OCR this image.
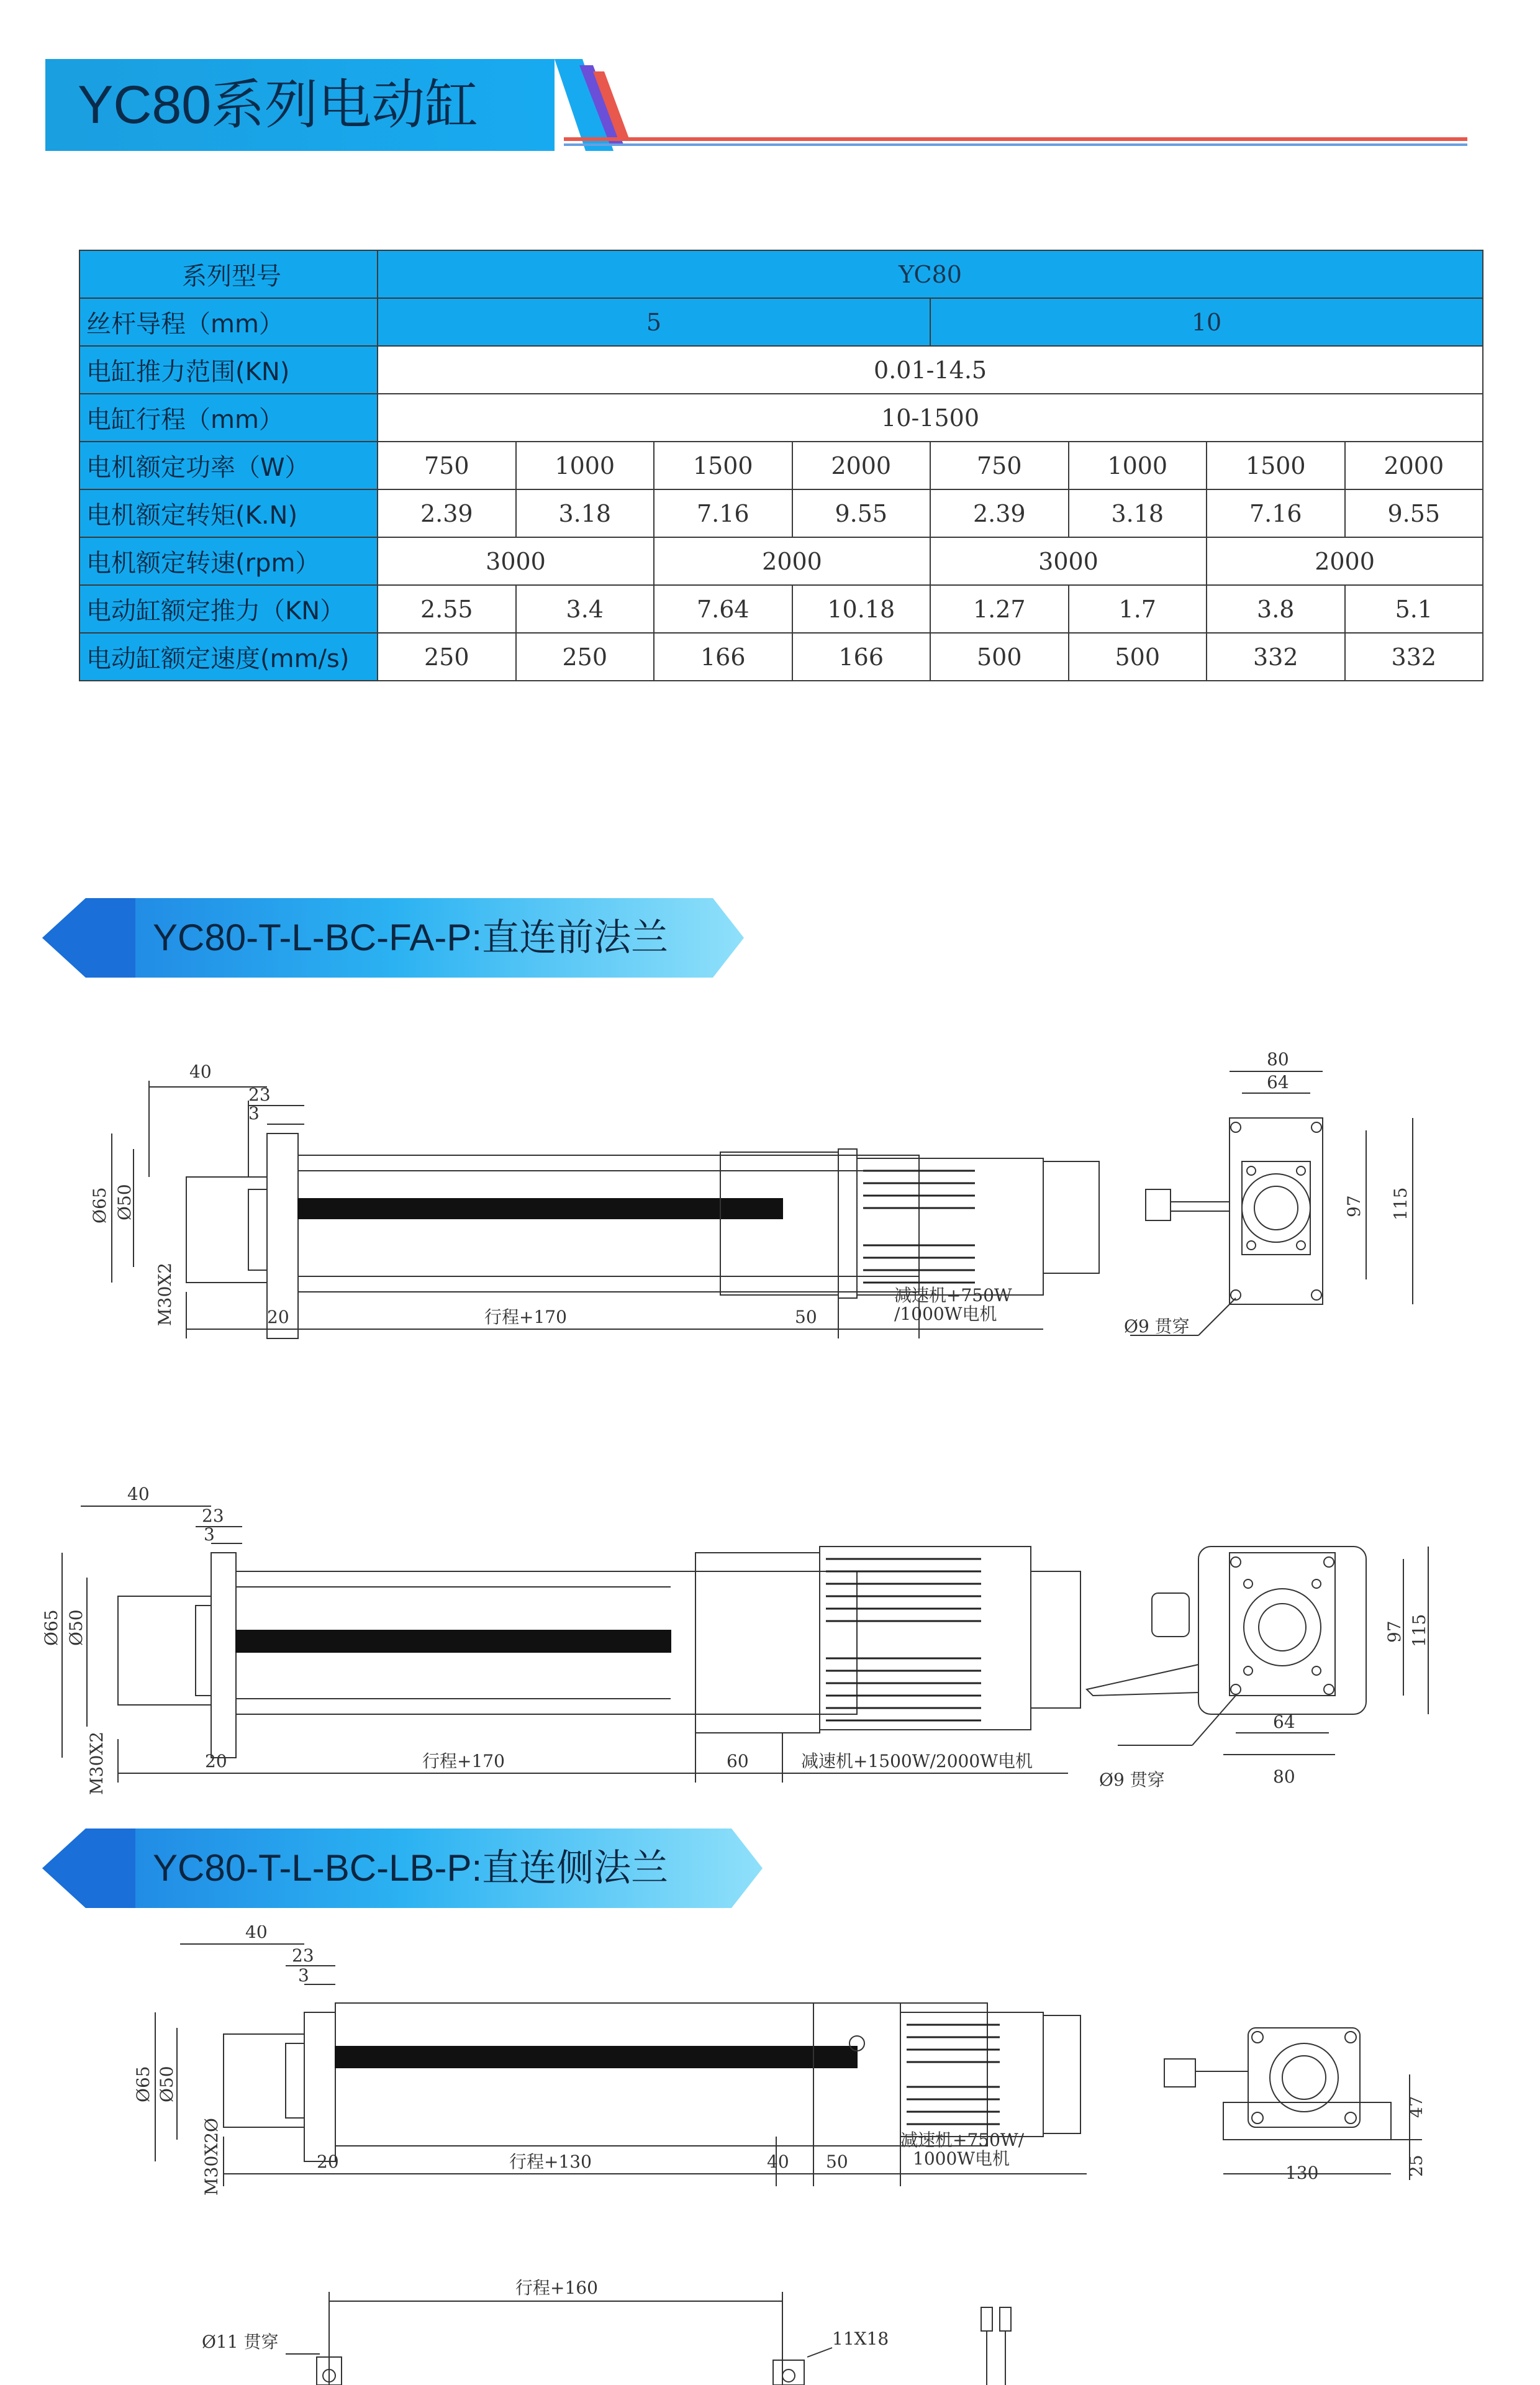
YC80系列电动缸
系列型号	YC80							
丝杆导程（mm）	5				10			
电缸推力范围(KN)	0.01-14.5							
电缸行程（mm）	10-1500							
电机额定功率（W）	750	1000	1500	2000	750	1000	1500	2000
电机额定转矩(K.N)	2.39	3.18	7.16	9.55	2.39	3.18	7.16	9.55
电机额定转速(rpm）	3000		2000		3000		2000	
电动缸额定推力（KN）	2.55	3.4	7.64	10.18	1.27	1.7	3.8	5.1
电动缸额定速度(mm/s)	250	250	166	166	500	500	332	332
YC80-T-L-BC-FA-P:直连前法兰
40
23
3
Ø65 Ø50
M30X2	20	行程+170	50
减速机+750W
/1000W电机
80
64
97 115
Ø9 贯穿
40
23
3
Ø65 Ø50
M30X2	20	行程+170	60	减速机+1500W/2000W电机
97 115
64
80
Ø9 贯穿
YC80-T-L-BC-LB-P:直连侧法兰
40
23
3
Ø65 Ø50
M30X2Ø	20	行程+130	40 50
减速机+750W/
1000W电机
47
130	25
行程+160
Ø11 贯穿	11X18
